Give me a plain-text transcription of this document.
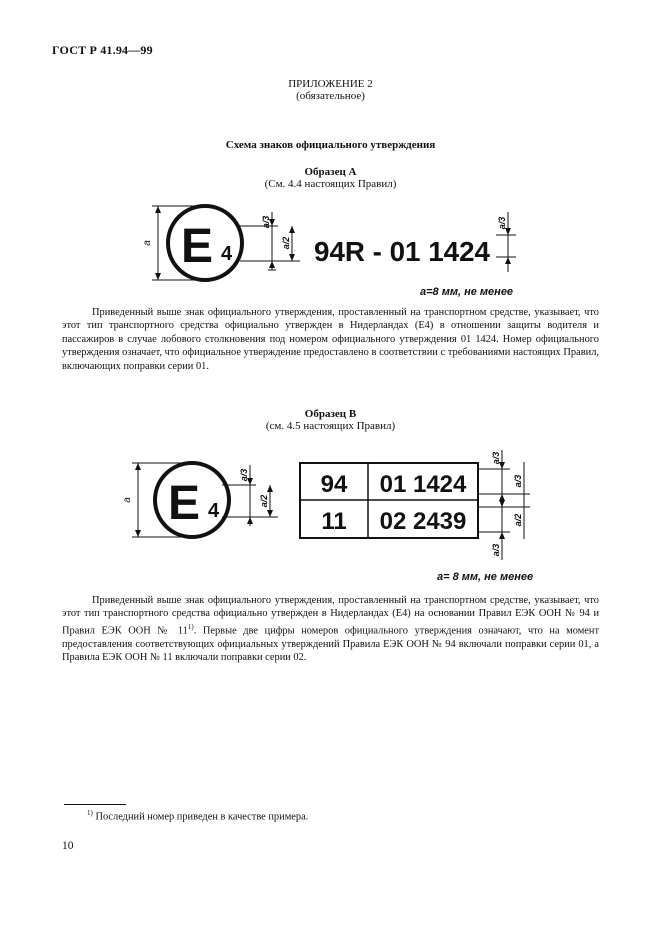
ГОСТ Р 41.94—99
ПРИЛОЖЕНИЕ 2
(обязательное)
Схема знаков официального утверждения
Образец А
(См. 4.4 настоящих Правил)
E 4	94R - 01 1424
a
a/3
a/2
a/3
a=8 мм, не менее
E 4
94 01 1424
11 02 2439
a
a/3
a/2
a/3
a/3
a/2
a/3
a= 8 мм, не менее

Приведенный выше знак официального утверждения, проставленный на транспортном средстве, указывает, что этот тип транспортного средства официально утвержден в Нидерландах (E4) в отношении защиты водителя и пассажиров в случае лобового столкновения под номером официального утверждения 01 1424. Номер официального утверждения означает, что официальное утверждение предоставлено в соответствии с требованиями настоящих Правил, включающих поправки серии 01.

Образец В
(см. 4.5 настоящих Правил)

Приведенный выше знак официального утверждения, проставленный на транспортном средстве, указывает, что этот тип транспортного средства официально утвержден в Нидерландах (E4) на основании Правил ЕЭК ООН № 94 и Правил ЕЭК ООН № 11$^{1)}$. Первые две цифры номеров официального утверждения означают, что на момент предоставления соответствующих официальных утверждений Правила ЕЭК ООН № 94 включали поправки серии 01, а Правила ЕЭК ООН № 11 включали поправки серии 02.

$^{1)}$ Последний номер приведен в качестве примера.
10
